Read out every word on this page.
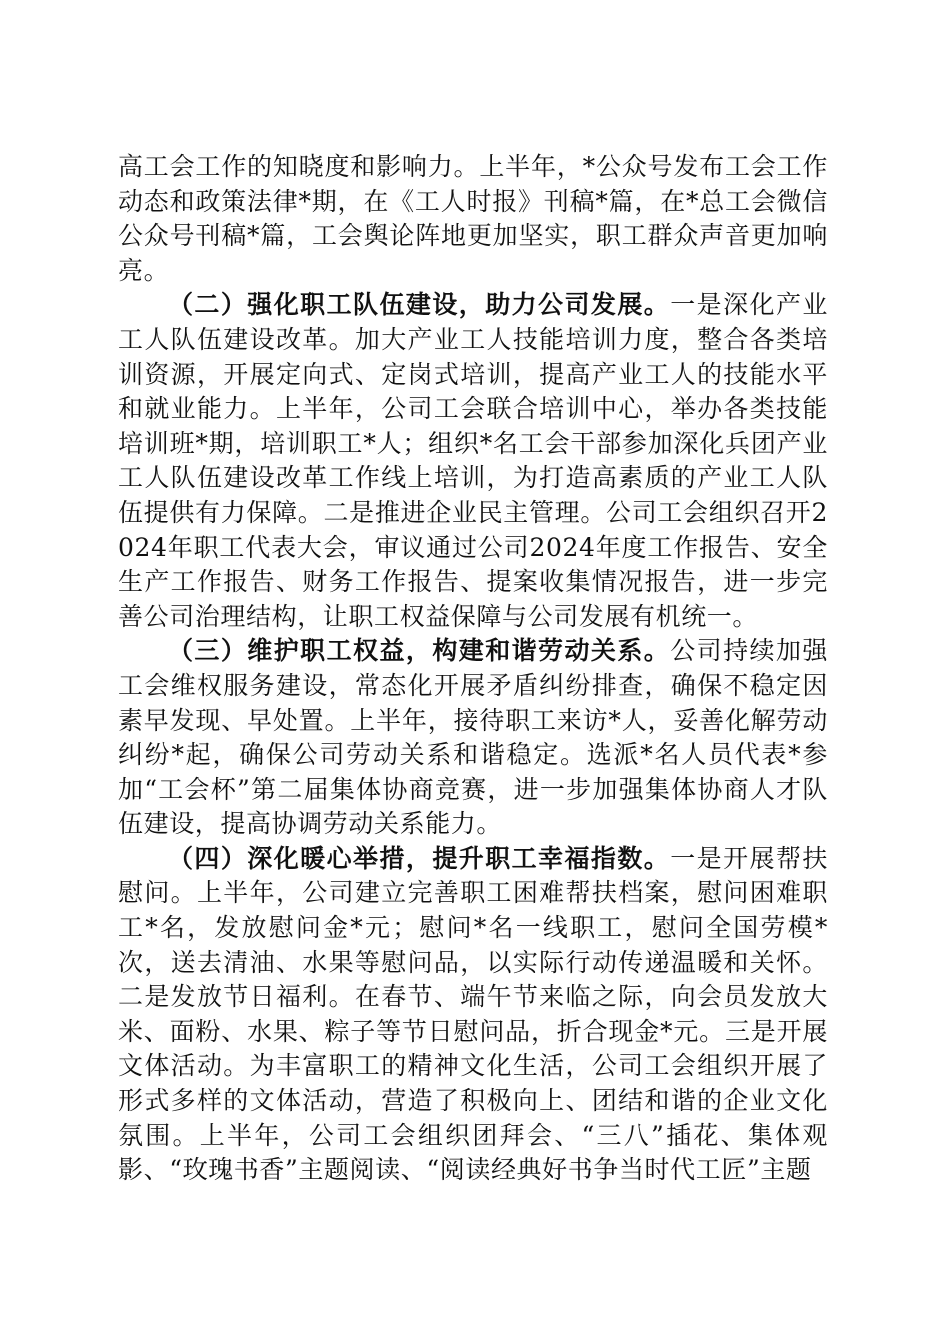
高工会工作的知晓度和影响力。上半年，*公众号发布工会工作动态和政策法律*期，在《工人时报》刊稿*篇，在*总工会微信公众号刊稿*篇，工会舆论阵地更加坚实，职工群众声音更加响亮。

（二）强化职工队伍建设，助力公司发展。一是深化产业工人队伍建设改革。加大产业工人技能培训力度，整合各类培训资源，开展定向式、定岗式培训，提高产业工人的技能水平和就业能力。上半年，公司工会联合培训中心，举办各类技能培训班*期，培训职工*人；组织*名工会干部参加深化兵团产业工人队伍建设改革工作线上培训，为打造高素质的产业工人队伍提供有力保障。二是推进企业民主管理。公司工会组织召开2024年职工代表大会，审议通过公司2024年度工作报告、安全生产工作报告、财务工作报告、提案收集情况报告，进一步完善公司治理结构，让职工权益保障与公司发展有机统一。

（三）维护职工权益，构建和谐劳动关系。公司持续加强工会维权服务建设，常态化开展矛盾纠纷排查，确保不稳定因素早发现、早处置。上半年，接待职工来访*人，妥善化解劳动纠纷*起，确保公司劳动关系和谐稳定。选派*名人员代表*参加“工会杯”第二届集体协商竞赛，进一步加强集体协商人才队伍建设，提高协调劳动关系能力。

（四）深化暖心举措，提升职工幸福指数。一是开展帮扶慰问。上半年，公司建立完善职工困难帮扶档案，慰问困难职工*名，发放慰问金*元；慰问*名一线职工，慰问全国劳模*次，送去清油、水果等慰问品，以实际行动传递温暖和关怀。二是发放节日福利。在春节、端午节来临之际，向会员发放大米、面粉、水果、粽子等节日慰问品，折合现金*元。三是开展文体活动。为丰富职工的精神文化生活，公司工会组织开展了形式多样的文体活动，营造了积极向上、团结和谐的企业文化氛围。上半年，公司工会组织团拜会、“三八”插花、集体观影、“玫瑰书香”主题阅读、“阅读经典好书争当时代工匠”主题
